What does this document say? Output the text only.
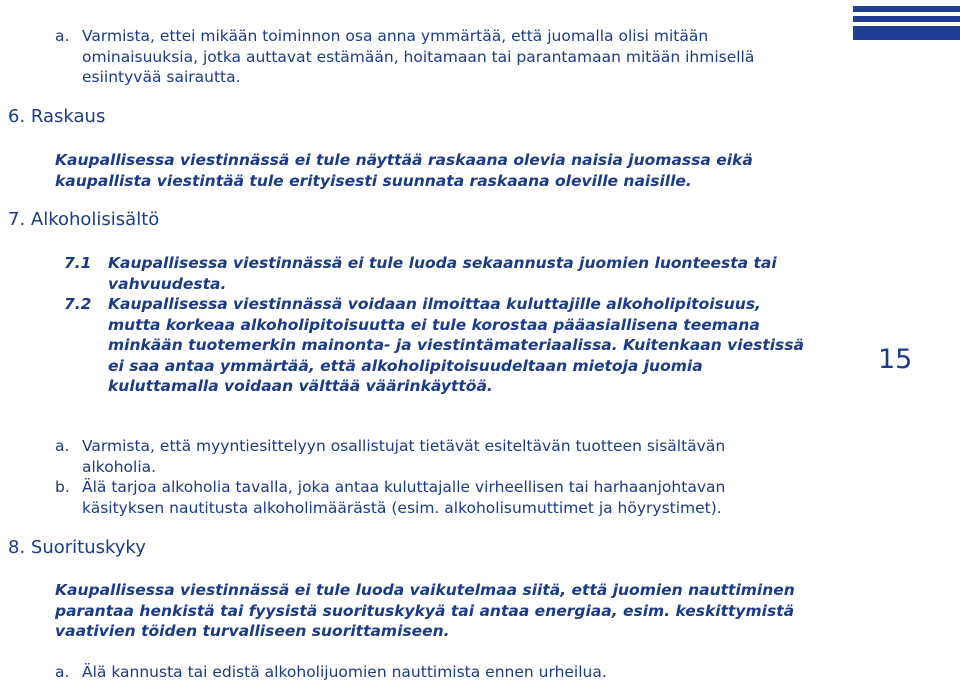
a. Varmista, ettei mikään toiminnon osa anna ymmärtää, että juomalla olisi mitään ominaisuuksia, jotka auttavat estämään, hoitamaan tai parantamaan mitään ihmisellä esiintyvää sairautta.
6. Raskaus
Kaupallisessa viestinnässä ei tule näyttää raskaana olevia naisia juomassa eikä kaupallista viestintää tule erityisesti suunnata raskaana oleville naisille.
7. Alkoholisisältö
7.1	Kaupallisessa viestinnässä ei tule luoda sekaannusta juomien luonteesta tai vahvuudesta.
7.2	Kaupallisessa viestinnässä voidaan ilmoittaa kuluttajille alkoholipitoisuus, mutta korkeaa alkoholipitoisuutta ei tule korostaa pääasiallisena teemana minkään tuotemerkin mainonta- ja viestintämateriaalissa. Kuitenkaan viestissä ei saa antaa ymmärtää, että alkoholipitoisuudeltaan mietoja juomia kuluttamalla voidaan välttää väärinkäyttöä.
15
a. Varmista, että myyntiesittelyyn osallistujat tietävät esiteltävän tuotteen sisältävän alkoholia.
b. Älä tarjoa alkoholia tavalla, joka antaa kuluttajalle virheellisen tai harhaanjohtavan käsityksen nautitusta alkoholimäärästä (esim. alkoholisumuttimet ja höyrystimet).
8. Suorituskyky
Kaupallisessa viestinnässä ei tule luoda vaikutelmaa siitä, että juomien nauttiminen parantaa henkistä tai fyysistä suorituskykyä tai antaa energiaa, esim. keskittymistä vaativien töiden turvalliseen suorittamiseen.
a. Älä kannusta tai edistä alkoholijuomien nauttimista ennen urheilua.
